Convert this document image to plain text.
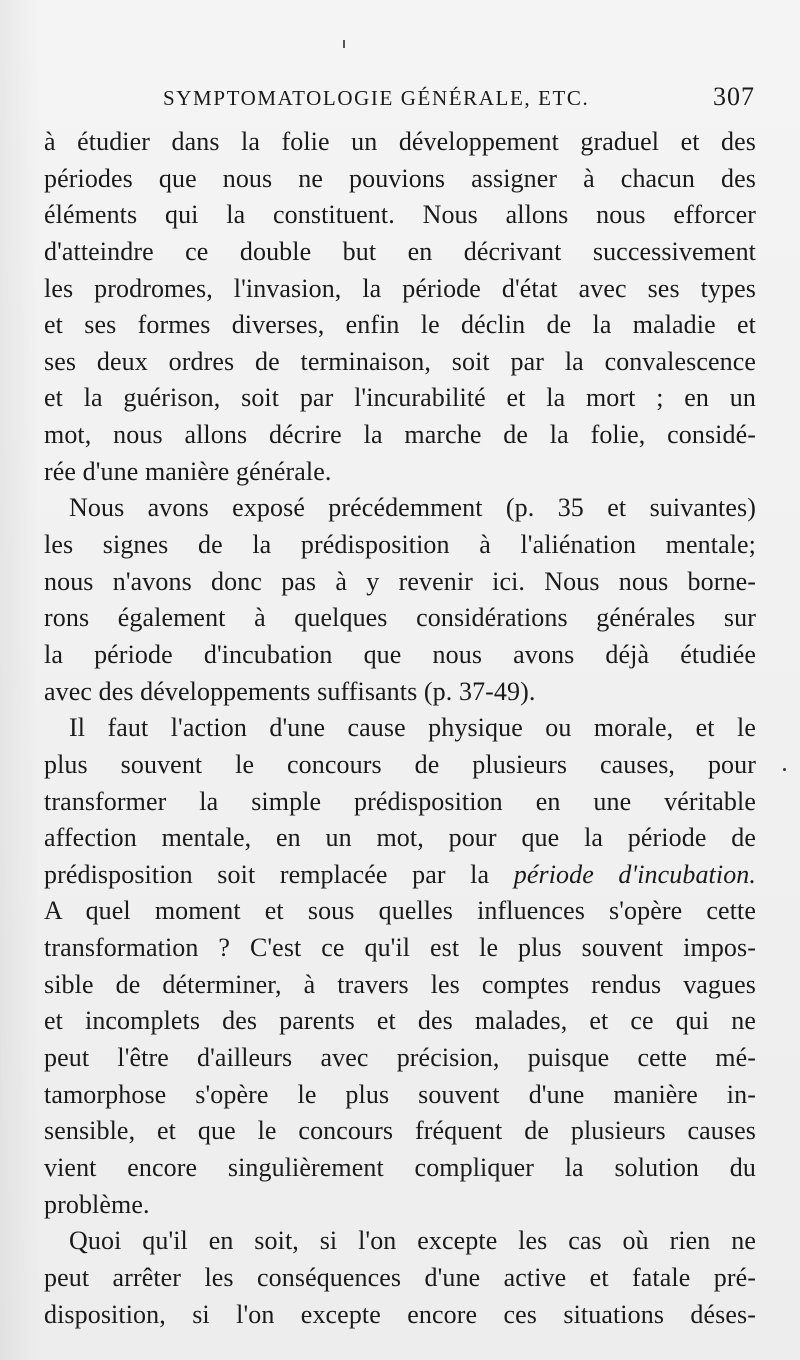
SYMPTOMATOLOGIE GÉNÉRALE, ETC.	307
à étudier dans la folie un développement graduel et des
périodes que nous ne pouvions assigner à chacun des
éléments qui la constituent. Nous allons nous efforcer
d'atteindre ce double but en décrivant successivement
les prodromes, l'invasion, la période d'état avec ses types
et ses formes diverses, enfin le déclin de la maladie et
ses deux ordres de terminaison, soit par la convalescence
et la guérison, soit par l'incurabilité et la mort ; en un
mot, nous allons décrire la marche de la folie, considé-
rée d'une manière générale.
Nous avons exposé précédemment (p. 35 et suivantes)
les signes de la prédisposition à l'aliénation mentale;
nous n'avons donc pas à y revenir ici. Nous nous borne-
rons également à quelques considérations générales sur
la période d'incubation que nous avons déjà étudiée
avec des développements suffisants (p. 37-49).
Il faut l'action d'une cause physique ou morale, et le
plus souvent le concours de plusieurs causes, pour
transformer la simple prédisposition en une véritable
affection mentale, en un mot, pour que la période de
prédisposition soit remplacée par la période d'incubation.
A quel moment et sous quelles influences s'opère cette
transformation ? C'est ce qu'il est le plus souvent impos-
sible de déterminer, à travers les comptes rendus vagues
et incomplets des parents et des malades, et ce qui ne
peut l'être d'ailleurs avec précision, puisque cette mé-
tamorphose s'opère le plus souvent d'une manière in-
sensible, et que le concours fréquent de plusieurs causes
vient encore singulièrement compliquer la solution du
problème.
Quoi qu'il en soit, si l'on excepte les cas où rien ne
peut arrêter les conséquences d'une active et fatale pré-
disposition, si l'on excepte encore ces situations déses-
